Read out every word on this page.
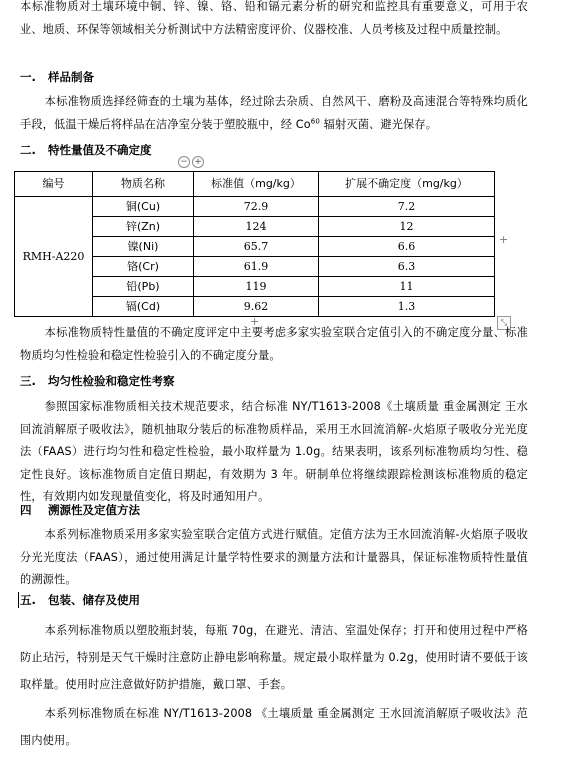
本标准物质对土壤环境中铜、锌、镍、铬、铅和镉元素分析的研究和监控具有重要意义，可用于农业、地质、环保等领域相关分析测试中方法精密度评价、仪器校准、人员考核及过程中质量控制。

一. 样品制备

本标准物质选择经筛查的土壤为基体，经过除去杂质、自然风干、磨粉及高速混合等特殊均质化手段，低温干燥后将样品在洁净室分装于塑胶瓶中，经 Co$^{60}$ 辐射灭菌、避光保存。

二. 特性量值及不确定度
− +
编号	物质名称	标准值（mg/kg）	扩展不确定度（mg/kg）
RMH-A220	铜(Cu)	72.9	7.2
	锌(Zn)	124	12
	镍(Ni)	65.7	6.6
	铬(Cr)	61.9	6.3
	铅(Pb)	119	11
	镉(Cd)	9.62	1.3
+
+	⤡

本标准物质特性量值的不确定度评定中主要考虑多家实验室联合定值引入的不确定度分量、标准物质均匀性检验和稳定性检验引入的不确定度分量。

三. 均匀性检验和稳定性考察

参照国家标准物质相关技术规范要求，结合标准 NY/T1613-2008《土壤质量 重金属测定 王水回流消解原子吸收法》，随机抽取分装后的标准物质样品，采用王水回流消解-火焰原子吸收分光光度法（FAAS）进行均匀性和稳定性检验，最小取样量为 1.0g。结果表明，该系列标准物质均匀性、稳定性良好。该标准物质自定值日期起，有效期为 3 年。研制单位将继续跟踪检测该标准物质的稳定性，有效期内如发现量值变化，将及时通知用户。

四 溯源性及定值方法

本系列标准物质采用多家实验室联合定值方式进行赋值。定值方法为王水回流消解-火焰原子吸收分光光度法（FAAS），通过使用满足计量学特性要求的测量方法和计量器具，保证标准物质特性量值的溯源性。

五. 包装、储存及使用

本系列标准物质以塑胶瓶封装，每瓶 70g，在避光、清洁、室温处保存；打开和使用过程中严格防止玷污，特别是天气干燥时注意防止静电影响称量。规定最小取样量为 0.2g，使用时请不要低于该取样量。使用时应注意做好防护措施，戴口罩、手套。

本系列标准物质在标准 NY/T1613-2008 《土壤质量 重金属测定 王水回流消解原子吸收法》范围内使用。
